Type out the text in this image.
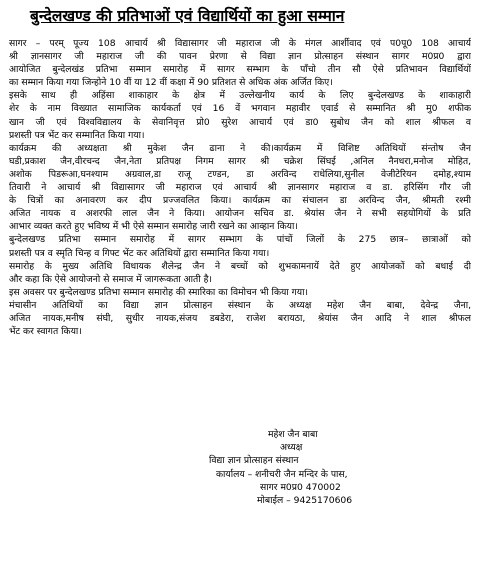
बुन्देलखण्ड की प्रतिभाओं एवं विद्यार्थियों का हुआ सम्मान
सागर – परम् पूज्य 108 आचार्य श्री विद्यासागर जी महाराज जी के मंगल आर्शीवाद एवं प0पू0 108 आचार्य
श्री ज्ञानसागर जी महाराज जी की पावन प्रेरणा से विद्या ज्ञान प्रोत्साहन संस्थान सागर म0प्र0 द्वारा
आयोजित बुन्देलखंड प्रतिभा सम्मान समारोह में सागर सम्भाग के पाँचो तीन सौ ऐसे प्रतिभावन विद्यार्थियों
का सम्मान किया गया जिन्होने 10 वीं या 12 वीं कक्षा में 90 प्रतिशत से अधिक अंक अर्जित किए।
इसके साथ ही अहिंसा शाकाहार के क्षेत्र में उल्लेखनीय कार्य के लिए बुन्देलखण्ड के शाकाहारी
शेर के नाम विख्यात सामाजिक कार्यकर्ता एवं 16 वें भगवान महावीर एवार्ड से सम्मानित श्री मु0 शफीक
खान जी एवं विश्वविद्यालय के सेवानिवृत्त प्रो0 सुरेश आचार्य एवं डा0 सुबोध जैन को शाल श्रीफल व
प्रशस्ती पत्र भेंट कर सम्मानित किया गया।
कार्यक्रम की अध्यक्षता श्री मुकेश जैन ढाना ने की।कार्यक्रम में विशिष्ट अतिथियों संन्तोष जैन
घडी,प्रकाश जैन,वीरचन्द जैन,नेता प्रतिपक्ष निगम सागर श्री चक्रेश सिंघई ,अनिल नैनधरा,मनोज मोहित,
अशोक पिडरूआ,घनश्याम अग्रवाल,डा राजू टण्डन, डा अरविन्द राधेलिया,सुनील वेजीटेरियन दमोह,श्याम
तिवारी ने आचार्य श्री विद्यासागर जी महाराज एवं आचार्य श्री ज्ञानसागर महाराज व डा. हरिसिंग गौर जी
के चित्रों का अनावरण कर दीप प्रज्जवलित किया। कार्यक्रम का संचालन डा अरविन्द जैन, श्रीमती रश्मी
अजित नायक व अशरफी लाल जैन ने किया। आयोजन सचिव डा. श्रेयांस जैन ने सभी सहयोगियों के प्रति
आभार व्यक्त करते हुए भविष्य में भी ऐसे सम्मान समारोह जारी रखने का आव्हान किया।
बुन्देलखण्ड प्रतिभा सम्मान समारोह में सागर सम्भाग के पांचों जिलों के 275 छात्र– छात्राओं को
प्रशस्ती पत्र व स्मृति चिन्ह व गिफ्ट भेंट कर अतिथियों द्वारा सम्मानित किया गया।
समारोह के मुख्य अतिथि विधायक शैलेन्द्र जैन ने बच्चों को शुभकामनायें देते हुए आयोजकों को बधाई दी
और कहा कि ऐसे आयोजनो से समाज में जागरूकता आती है।
इस अवसर पर बुन्देलखण्ड प्रतिभा सम्मान समारोह की स्मारिका का विमोचन भी किया गया।
मंचासीन अतिथियों का विद्या ज्ञान प्रोत्साहन संस्थान के अध्यक्ष महेश जैन बाबा, देवेन्द्र जैना,
अजित नायक,मनीष संघी, सुधीर नायक,संजय डबडेरा, राजेश बरायठा, श्रेयांस जैन आदि ने शाल श्रीफल
भेंट कर स्वागत किया।
महेश जैन बाबा
अध्यक्ष
विद्या ज्ञान प्रोत्साहन संस्थान
कार्यालय – शनीचरी जैन मन्दिर के पास,
सागर म0प्र0 470002
मोबाईल – 9425170606
